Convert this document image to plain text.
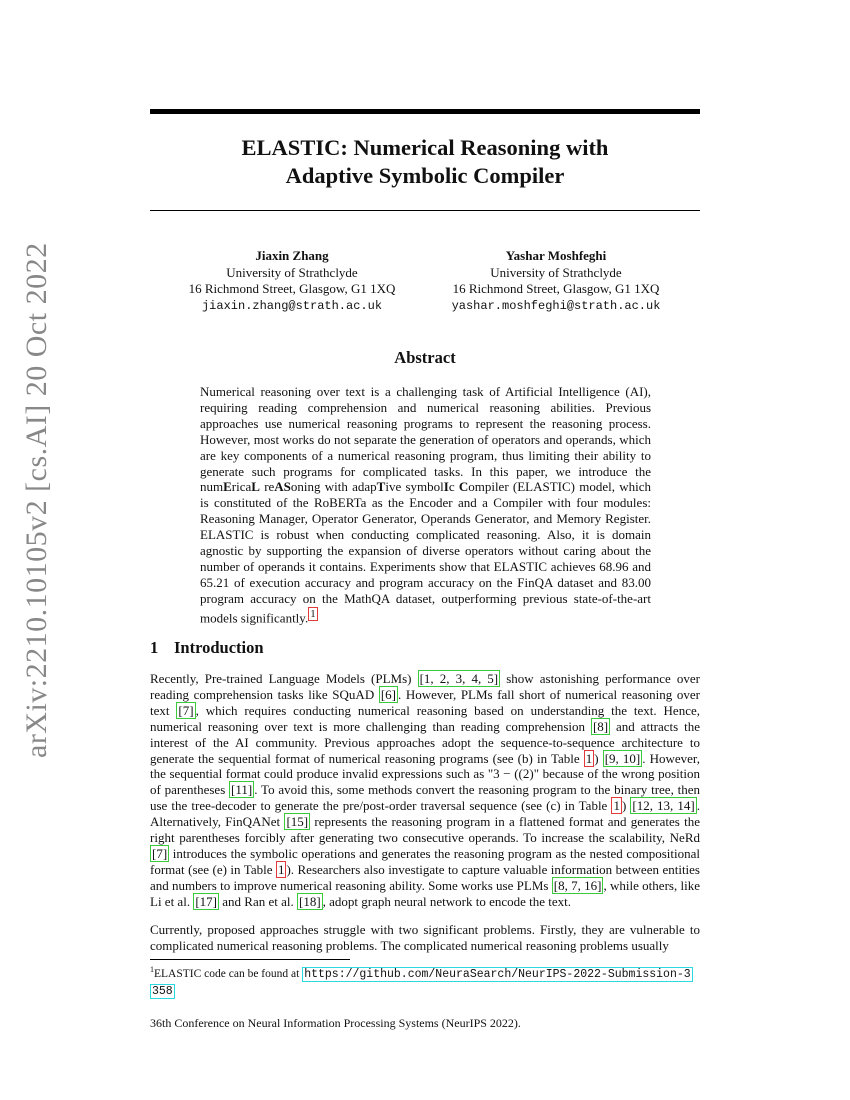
arXiv:2210.10105v2 [cs.AI] 20 Oct 2022
ELASTIC: Numerical Reasoning with
Adaptive Symbolic Compiler
Jiaxin Zhang
University of Strathclyde
16 Richmond Street, Glasgow, G1 1XQ
jiaxin.zhang@strath.ac.uk
Yashar Moshfeghi
University of Strathclyde
16 Richmond Street, Glasgow, G1 1XQ
yashar.moshfeghi@strath.ac.uk
Abstract
Numerical reasoning over text is a challenging task of Artificial Intelligence (AI), requiring reading comprehension and numerical reasoning abilities. Previous approaches use numerical reasoning programs to represent the reasoning process. However, most works do not separate the generation of operators and operands, which are key components of a numerical reasoning program, thus limiting their ability to generate such programs for complicated tasks. In this paper, we introduce the numEricaL reASoning with adapTive symbolIc Compiler (ELASTIC) model, which is constituted of the RoBERTa as the Encoder and a Compiler with four modules: Reasoning Manager, Operator Generator, Operands Generator, and Memory Register. ELASTIC is robust when conducting complicated reasoning. Also, it is domain agnostic by supporting the expansion of diverse operators without caring about the number of operands it contains. Experiments show that ELASTIC achieves 68.96 and 65.21 of execution accuracy and program accuracy on the FinQA dataset and 83.00 program accuracy on the MathQA dataset, outperforming previous state-of-the-art models significantly. $^1$
1 Introduction
Recently, Pre-trained Language Models (PLMs) [1, 2, 3, 4, 5] show astonishing performance over reading comprehension tasks like SQuAD [6] . However, PLMs fall short of numerical reasoning over text [7] , which requires conducting numerical reasoning based on understanding the text. Hence, numerical reasoning over text is more challenging than reading comprehension [8] and attracts the interest of the AI community. Previous approaches adopt the sequence-to-sequence architecture to generate the sequential format of numerical reasoning programs (see (b) in Table 1 ) [9, 10] . However, the sequential format could produce invalid expressions such as "3 − ((2)" because of the wrong position of parentheses [11] . To avoid this, some methods convert the reasoning program to the binary tree, then use the tree-decoder to generate the pre/post-order traversal sequence (see (c) in Table 1 ) [12, 13, 14] . Alternatively, FinQANet [15] represents the reasoning program in a flattened format and generates the right parentheses forcibly after generating two consecutive operands. To increase the scalability, NeRd [7] introduces the symbolic operations and generates the reasoning program as the nested compositional format (see (e) in Table 1 ). Researchers also investigate to capture valuable information between entities and numbers to improve numerical reasoning ability. Some works use PLMs [8, 7, 16] , while others, like Li et al. [17] and Ran et al. [18] , adopt graph neural network to encode the text.
Currently, proposed approaches struggle with two significant problems. Firstly, they are vulnerable to complicated numerical reasoning problems. The complicated numerical reasoning problems usually
$^1$ELASTIC code can be found at https://github.com/NeuraSearch/NeurIPS-2022-Submission-3
358
36th Conference on Neural Information Processing Systems (NeurIPS 2022).
